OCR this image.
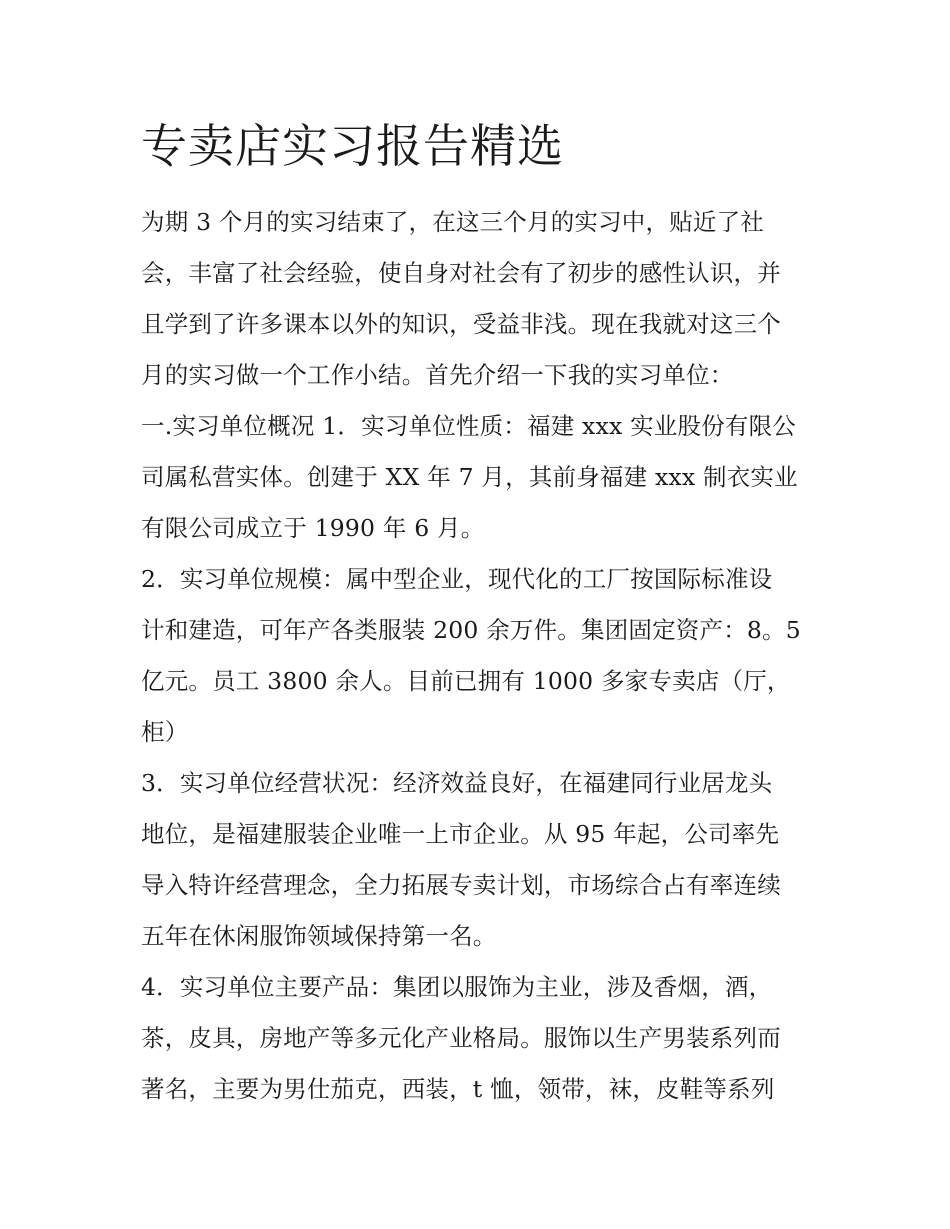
专卖店实习报告精选
为期 3 个月的实习结束了，在这三个月的实习中，贴近了社
会，丰富了社会经验，使自身对社会有了初步的感性认识，并
且学到了许多课本以外的知识，受益非浅。现在我就对这三个
月的实习做一个工作小结。首先介绍一下我的实习单位：
一.实习单位概况 1．实习单位性质：福建 xxx 实业股份有限公
司属私营实体。创建于 XX 年 7 月，其前身福建 xxx 制衣实业
有限公司成立于 1990 年 6 月。
2．实习单位规模：属中型企业，现代化的工厂按国际标准设
计和建造，可年产各类服装 200 余万件。集团固定资产：8。5
亿元。员工 3800 余人。目前已拥有 1000 多家专卖店（厅，
柜）
3．实习单位经营状况：经济效益良好，在福建同行业居龙头
地位，是福建服装企业唯一上市企业。从 95 年起，公司率先
导入特许经营理念，全力拓展专卖计划，市场综合占有率连续
五年在休闲服饰领域保持第一名。
4．实习单位主要产品：集团以服饰为主业，涉及香烟，酒，
茶，皮具，房地产等多元化产业格局。服饰以生产男装系列而
著名，主要为男仕茄克，西装，t 恤，领带，袜，皮鞋等系列
